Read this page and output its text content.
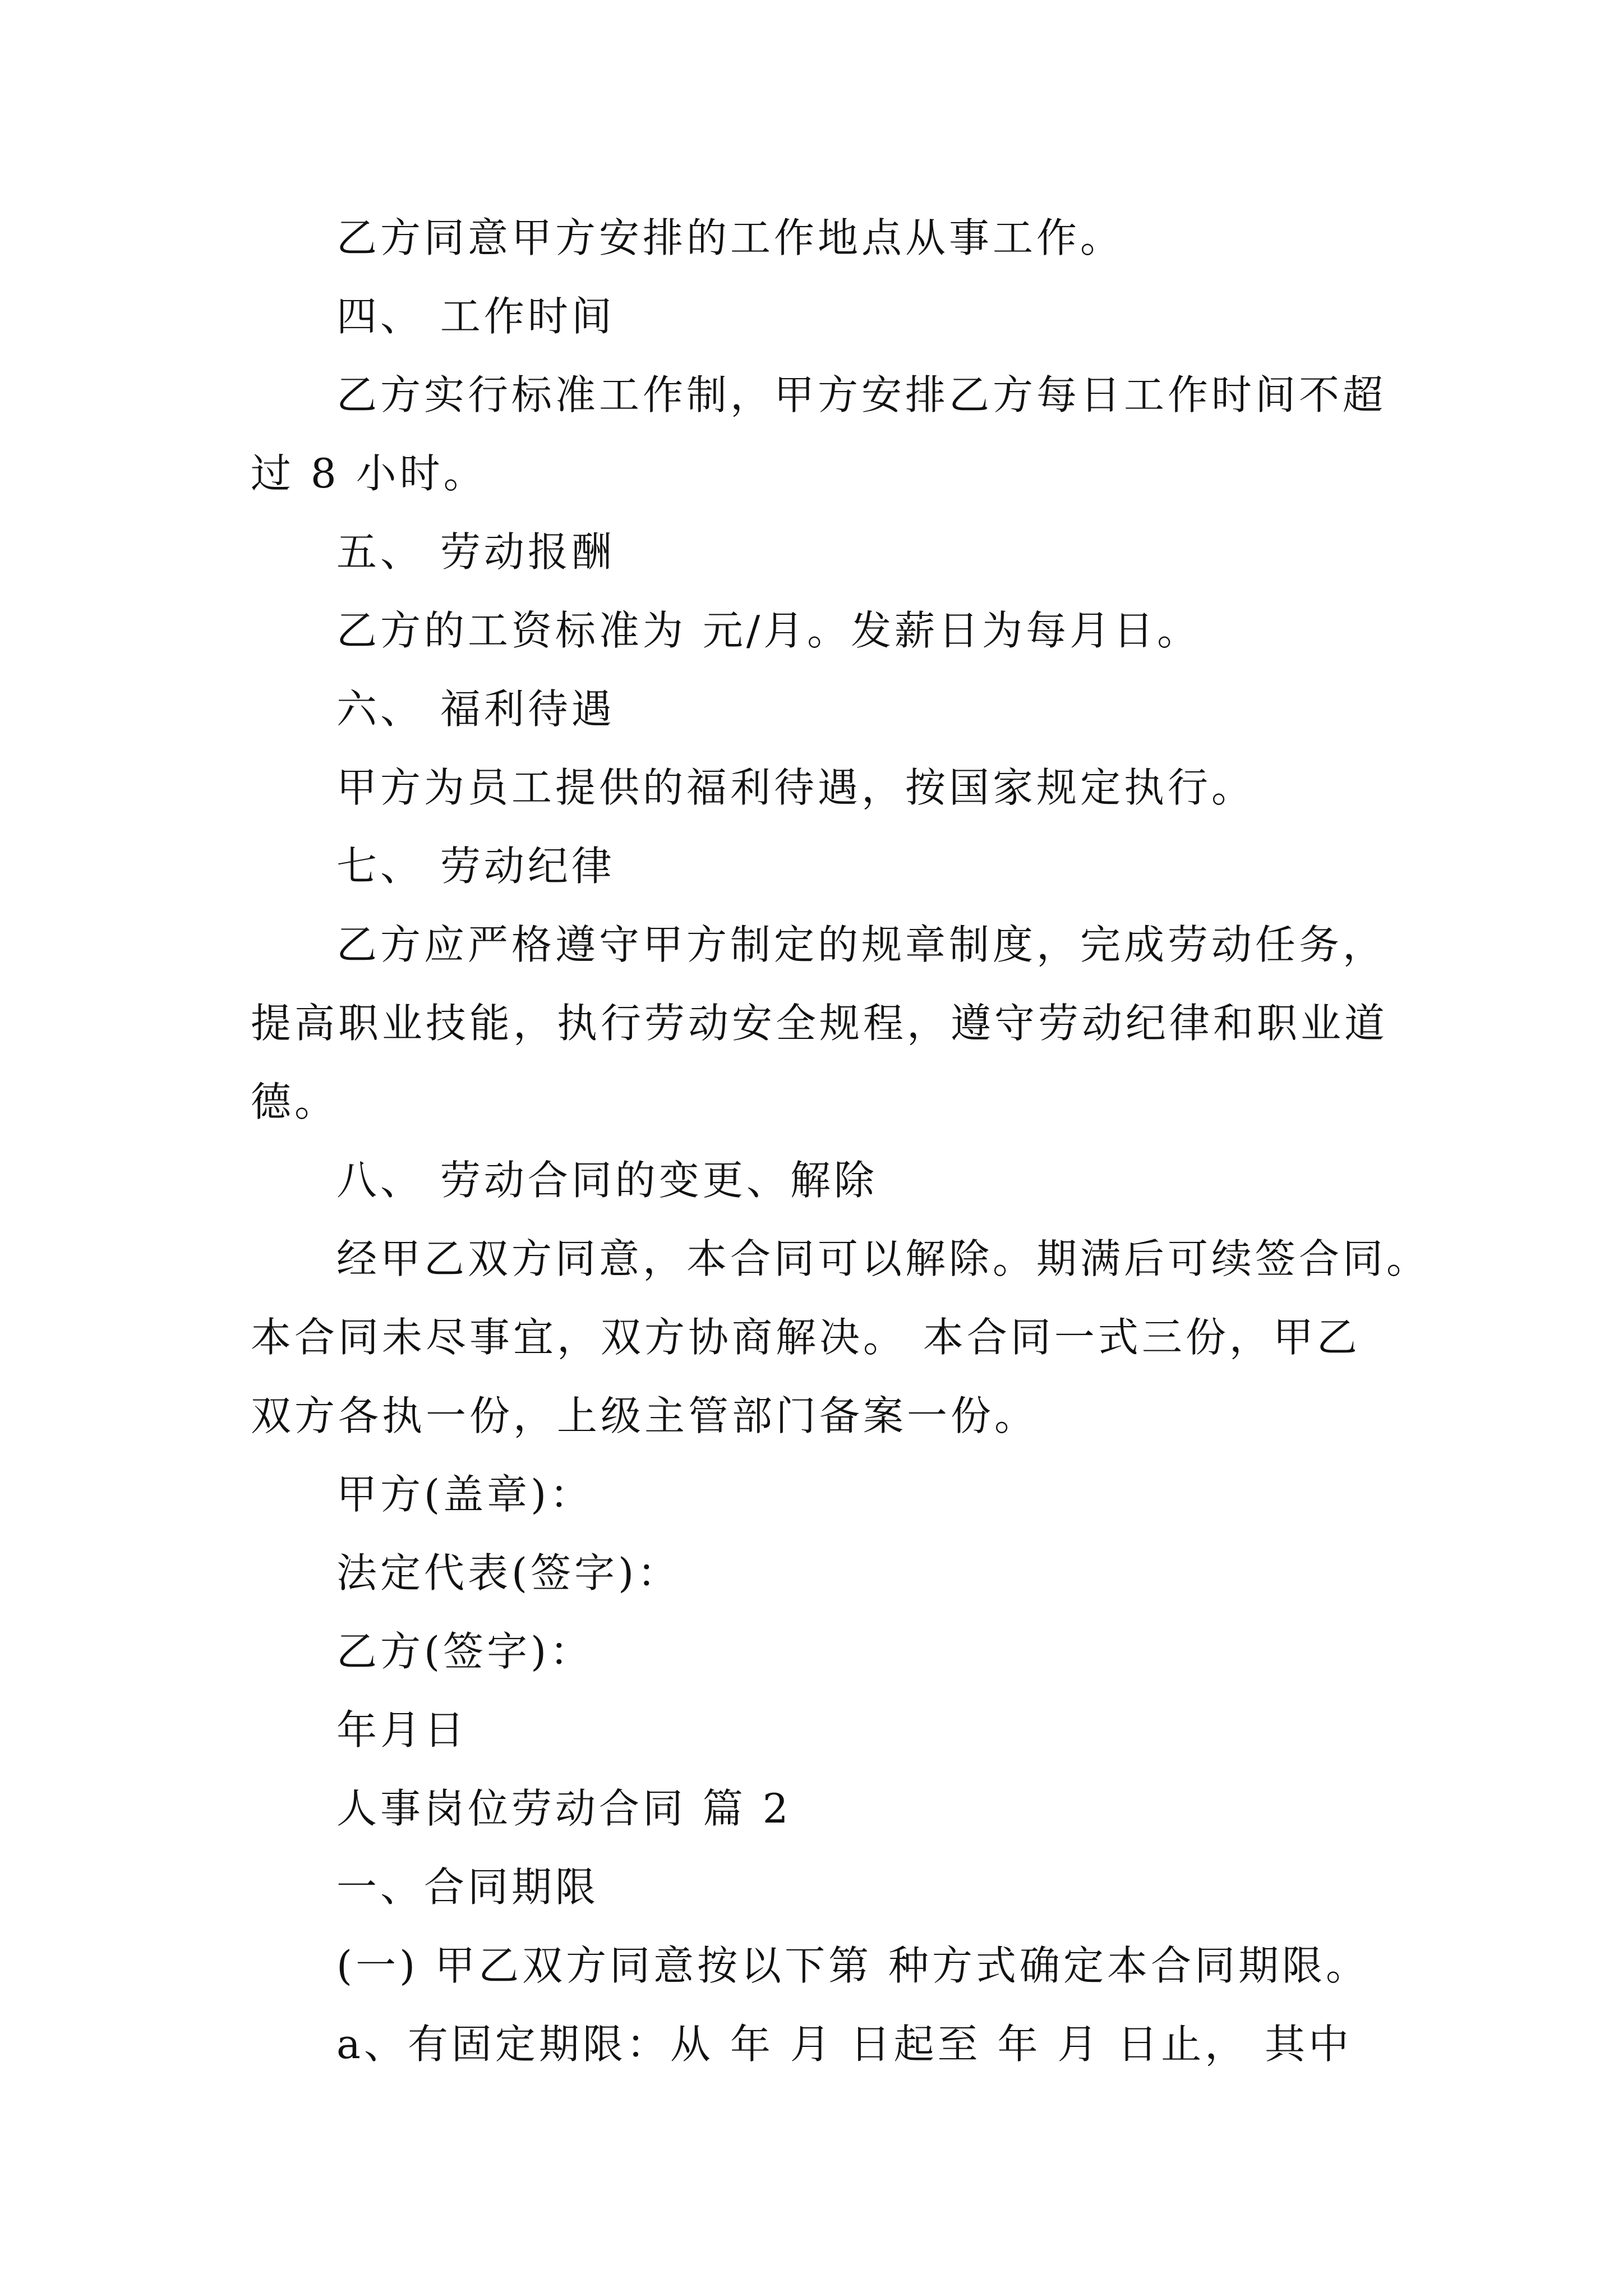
乙方同意甲方安排的工作地点从事工作。
四、 工作时间
乙方实行标准工作制，甲方安排乙方每日工作时间不超
过 8 小时。
五、 劳动报酬
乙方的工资标准为 元/月。发薪日为每月日。
六、 福利待遇
甲方为员工提供的福利待遇，按国家规定执行。
七、 劳动纪律
乙方应严格遵守甲方制定的规章制度，完成劳动任务，
提高职业技能，执行劳动安全规程，遵守劳动纪律和职业道
德。
八、 劳动合同的变更、解除
经甲乙双方同意，本合同可以解除。期满后可续签合同。
本合同未尽事宜，双方协商解决。 本合同一式三份，甲乙
双方各执一份，上级主管部门备案一份。
甲方(盖章)：
法定代表(签字)：
乙方(签字)：
年月日
人事岗位劳动合同 篇 2
一、合同期限
(一) 甲乙双方同意按以下第 种方式确定本合同期限。
a、有固定期限：从 年 月 日起至 年 月 日止， 其中
